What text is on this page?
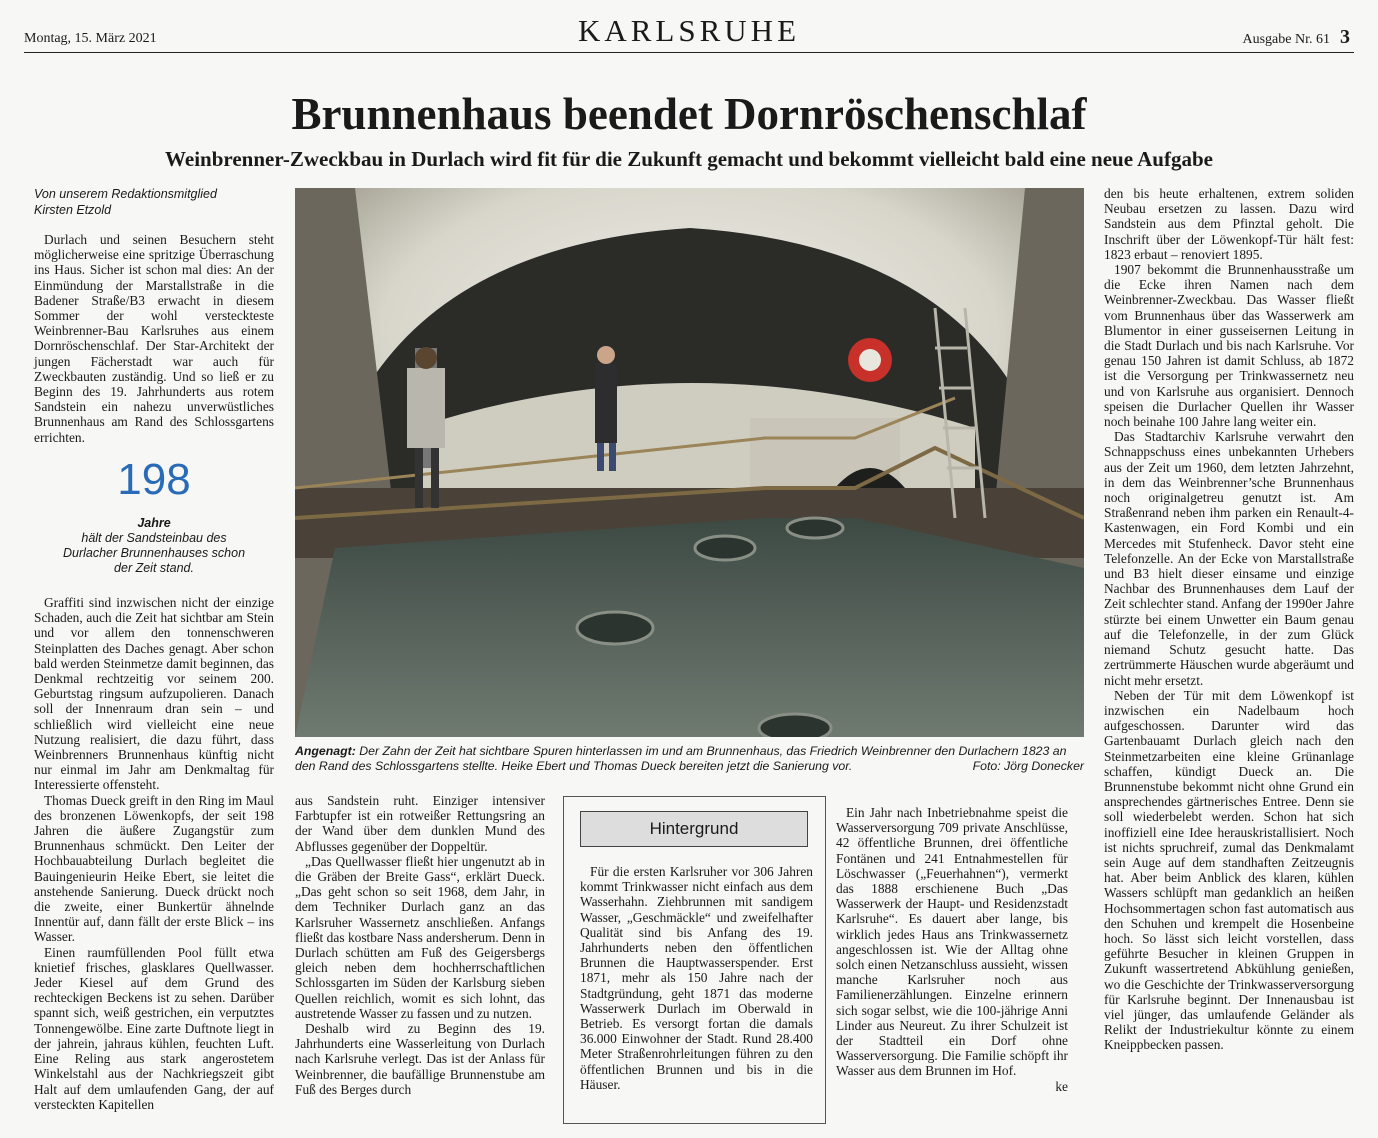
Montag, 15. März 2021	KARLSRUHE	Ausgabe Nr. 61 3
Brunnenhaus beendet Dornröschenschlaf
Weinbrenner-Zweckbau in Durlach wird fit für die Zukunft gemacht und bekommt vielleicht bald eine neue Aufgabe
Von unserem Redaktionsmitglied
Kirsten Etzold

Durlach und seinen Besuchern steht möglicherweise eine spritzige Überraschung ins Haus. Sicher ist schon mal dies: An der Einmündung der Marstallstraße in die Badener Straße/B3 erwacht in diesem Sommer der wohl versteckteste Weinbrenner-Bau Karlsruhes aus einem Dornröschenschlaf. Der Star-Architekt der jungen Fächerstadt war auch für Zweckbauten zuständig. Und so ließ er zu Beginn des 19. Jahrhunderts aus rotem Sandstein ein nahezu unverwüstliches Brunnenhaus am Rand des Schlossgartens errichten.

198
Jahre
hält der Sandsteinbau des Durlacher Brunnenhauses schon der Zeit stand.

Graffiti sind inzwischen nicht der einzige Schaden, auch die Zeit hat sichtbar am Stein und vor allem den tonnenschweren Steinplatten des Daches genagt. Aber schon bald werden Steinmetze damit beginnen, das Denkmal rechtzeitig vor seinem 200. Geburtstag ringsum aufzupolieren. Danach soll der Innenraum dran sein – und schließlich wird vielleicht eine neue Nutzung realisiert, die dazu führt, dass Weinbrenners Brunnenhaus künftig nicht nur einmal im Jahr am Denkmaltag für Interessierte offensteht.

Thomas Dueck greift in den Ring im Maul des bronzenen Löwenkopfs, der seit 198 Jahren die äußere Zugangstür zum Brunnenhaus schmückt. Den Leiter der Hochbauabteilung Durlach begleitet die Bauingenieurin Heike Ebert, sie leitet die anstehende Sanierung. Dueck drückt noch die zweite, einer Bunkertür ähnelnde Innentür auf, dann fällt der erste Blick – ins Wasser.

Einen raumfüllenden Pool füllt etwa knietief frisches, glasklares Quellwasser. Jeder Kiesel auf dem Grund des rechteckigen Beckens ist zu sehen. Darüber spannt sich, weiß gestrichen, ein verputztes Tonnengewölbe. Eine zarte Duftnote liegt in der jahrein, jahraus kühlen, feuchten Luft. Eine Reling aus stark angerostetem Winkelstahl aus der Nachkriegszeit gibt Halt auf dem umlaufenden Gang, der auf versteckten Kapitellen

Angenagt: Der Zahn der Zeit hat sichtbare Spuren hinterlassen im und am Brunnenhaus, das Friedrich Weinbrenner den Durlachern 1823 an den Rand des Schlossgartens stellte. Heike Ebert und Thomas Dueck bereiten jetzt die Sanierung vor.	Foto: Jörg Donecker

aus Sandstein ruht. Einziger intensiver Farbtupfer ist ein rotweißer Rettungsring an der Wand über dem dunklen Mund des Abflusses gegenüber der Doppeltür.

„Das Quellwasser fließt hier ungenutzt ab in die Gräben der Breite Gass“, erklärt Dueck. „Das geht schon so seit 1968, dem Jahr, in dem Techniker Durlach ganz an das Karlsruher Wassernetz anschließen. Anfangs fließt das kostbare Nass andersherum. Denn in Durlach schütten am Fuß des Geigersbergs gleich neben dem hochherrschaftlichen Schlossgarten im Süden der Karlsburg sieben Quellen reichlich, womit es sich lohnt, das austretende Wasser zu fassen und zu nutzen.

Deshalb wird zu Beginn des 19. Jahrhunderts eine Wasserleitung von Durlach nach Karlsruhe verlegt. Das ist der Anlass für Weinbrenner, die baufällige Brunnenstube am Fuß des Berges durch

Hintergrund

Für die ersten Karlsruher vor 306 Jahren kommt Trinkwasser nicht einfach aus dem Wasserhahn. Ziehbrunnen mit sandigem Wasser, „Geschmäckle“ und zweifelhafter Qualität sind bis Anfang des 19. Jahrhunderts neben den öffentlichen Brunnen die Hauptwasserspender. Erst 1871, mehr als 150 Jahre nach der Stadtgründung, geht 1871 das moderne Wasserwerk Durlach im Oberwald in Betrieb. Es versorgt fortan die damals 36.000 Einwohner der Stadt. Rund 28.400 Meter Straßenrohrleitungen führen zu den öffentlichen Brunnen und bis in die Häuser.

Ein Jahr nach Inbetriebnahme speist die Wasserversorgung 709 private Anschlüsse, 42 öffentliche Brunnen, drei öffentliche Fontänen und 241 Entnahmestellen für Löschwasser („Feuerhahnen“), vermerkt das 1888 erschienene Buch „Das Wasserwerk der Haupt- und Residenzstadt Karlsruhe“. Es dauert aber lange, bis wirklich jedes Haus ans Trinkwassernetz angeschlossen ist. Wie der Alltag ohne solch einen Netzanschluss aussieht, wissen manche Karlsruher noch aus Familienerzählungen. Einzelne erinnern sich sogar selbst, wie die 100-jährige Anni Linder aus Neureut. Zu ihrer Schulzeit ist der Stadtteil ein Dorf ohne Wasserversorgung. Die Familie schöpft ihr Wasser aus dem Brunnen im Hof.

ke

den bis heute erhaltenen, extrem soliden Neubau ersetzen zu lassen. Dazu wird Sandstein aus dem Pfinztal geholt. Die Inschrift über der Löwenkopf-Tür hält fest: 1823 erbaut – renoviert 1895.

1907 bekommt die Brunnenhausstraße um die Ecke ihren Namen nach dem Weinbrenner-Zweckbau. Das Wasser fließt vom Brunnenhaus über das Wasserwerk am Blumentor in einer gusseisernen Leitung in die Stadt Durlach und bis nach Karlsruhe. Vor genau 150 Jahren ist damit Schluss, ab 1872 ist die Versorgung per Trinkwassernetz neu und von Karlsruhe aus organisiert. Dennoch speisen die Durlacher Quellen ihr Wasser noch beinahe 100 Jahre lang weiter ein.

Das Stadtarchiv Karlsruhe verwahrt den Schnappschuss eines unbekannten Urhebers aus der Zeit um 1960, dem letzten Jahrzehnt, in dem das Weinbrenner’sche Brunnenhaus noch originalgetreu genutzt ist. Am Straßenrand neben ihm parken ein Renault-4-Kastenwagen, ein Ford Kombi und ein Mercedes mit Stufenheck. Davor steht eine Telefonzelle. An der Ecke von Marstallstraße und B3 hielt dieser einsame und einzige Nachbar des Brunnenhauses dem Lauf der Zeit schlechter stand. Anfang der 1990er Jahre stürzte bei einem Unwetter ein Baum genau auf die Telefonzelle, in der zum Glück niemand Schutz gesucht hatte. Das zertrümmerte Häuschen wurde abgeräumt und nicht mehr ersetzt.

Neben der Tür mit dem Löwenkopf ist inzwischen ein Nadelbaum hoch aufgeschossen. Darunter wird das Gartenbauamt Durlach gleich nach den Steinmetzarbeiten eine kleine Grünanlage schaffen, kündigt Dueck an. Die Brunnenstube bekommt nicht ohne Grund ein ansprechendes gärtnerisches Entree. Denn sie soll wiederbelebt werden. Schon hat sich inoffiziell eine Idee herauskristallisiert. Noch ist nichts spruchreif, zumal das Denkmalamt sein Auge auf dem standhaften Zeitzeugnis hat. Aber beim Anblick des klaren, kühlen Wassers schlüpft man gedanklich an heißen Hochsommertagen schon fast automatisch aus den Schuhen und krempelt die Hosenbeine hoch. So lässt sich leicht vorstellen, dass geführte Besucher in kleinen Gruppen in Zukunft wassertretend Abkühlung genießen, wo die Geschichte der Trinkwasserversorgung für Karlsruhe beginnt. Der Innenausbau ist viel jünger, das umlaufende Geländer als Relikt der Industriekultur könnte zu einem Kneippbecken passen.
